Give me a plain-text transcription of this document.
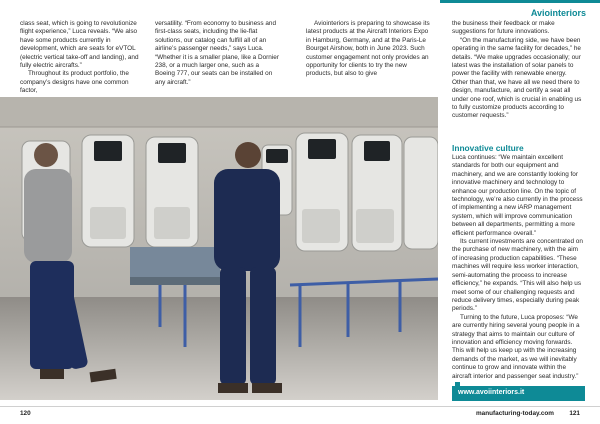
Aviointeriors

class seat, which is going to revolutionize flight experience,” Luca reveals. “We also have some products currently in development, which are seats for eVTOL (electric vertical take-off and landing), and fully electric aircrafts.”

Throughout its product portfolio, the company’s designs have one common factor,

versatility. “From economy to business and first-class seats, including the lie-flat solutions, our catalog can fulfill all of an airline’s passenger needs,” says Luca. “Whether it is a smaller plane, like a Dornier 238, or a much larger one, such as a Boeing 777, our seats can be installed on any aircraft.”

Aviointeriors is preparing to showcase its latest products at the Aircraft Interiors Expo in Hamburg, Germany, and at the Paris-Le Bourget Airshow, both in June 2023. Such customer engagement not only provides an opportunity for clients to try the new products, but also to give

the business their feedback or make suggestions for future innovations.

“On the manufacturing side, we have been operating in the same facility for decades,” he details. “We make upgrades occasionally; our latest was the installation of solar panels to power the facility with renewable energy. Other than that, we have all we need there to design, manufacture, and certify a seat all under one roof, which is crucial in enabling us to fully customize products according to customer requests.”

Innovative culture

Luca continues: “We maintain excellent standards for both our equipment and machinery, and we are constantly looking for innovative machinery and technology to enhance our production line. On the topic of technology, we’re also currently in the process of implementing a new iARP management system, which will improve communication between all departments, permitting a more efficient performance overall.”

Its current investments are concentrated on the purchase of new machinery, with the aim of increasing production capabilities. “These machines will require less worker interaction, semi-automating the process to increase efficiency,” he expands. “This will also help us meet some of our challenging requests and reduce delivery times, especially during peak periods.”

Turning to the future, Luca proposes: “We are currently hiring several young people in a strategy that aims to maintain our culture of innovation and efficiency moving forwards. This will help us keep up with the increasing demands of the market, as we will inevitably continue to grow and innovate within the aircraft interior and passenger seat industry.”

www.avoiinteriors.it
120	manufacturing-today.com 121
